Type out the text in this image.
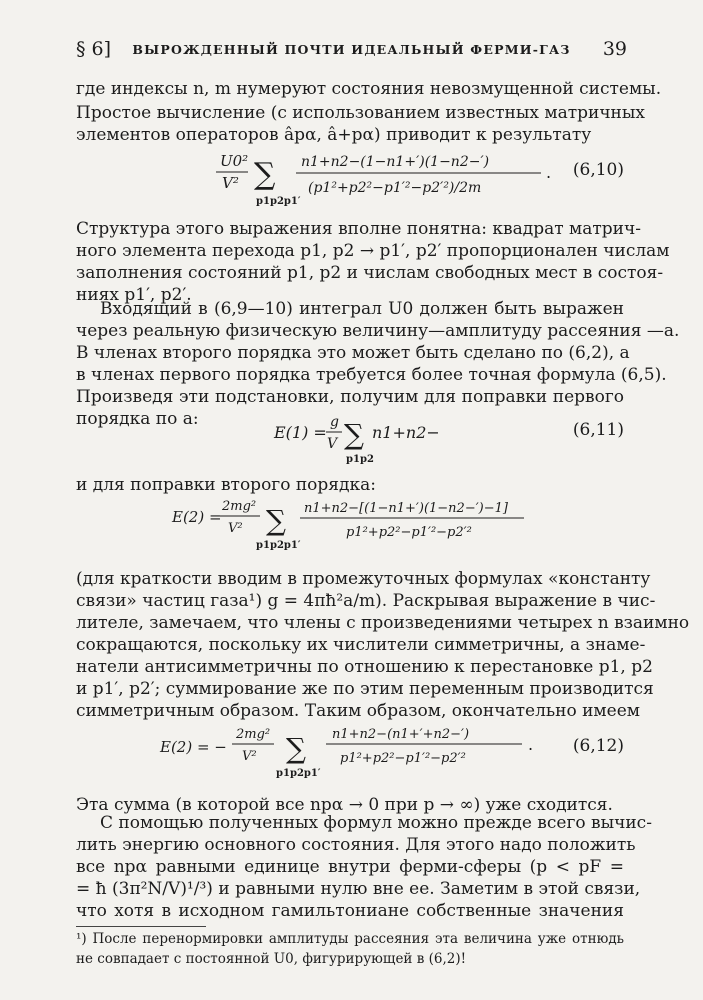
§ 6]	ВЫРОЖДЕННЫЙ ПОЧТИ ИДЕАЛЬНЫЙ ФЕРМИ-ГАЗ	39
где индексы n, m нумеруют состояния невозмущенной системы.
Простое вычисление (с использованием известных матричных
элементов операторов âpα, â+pα) приводит к результату
U0²
V² ∑
p1p2p1′
n1+n2−(1−n1+′)(1−n2−′)
(p1²+p2²−p1′²−p2′²)/2m
. (6,10)
Структура этого выражения вполне понятна: квадрат матрич-
ного элемента перехода p1, p2 → p1′, p2′ пропорционален числам
заполнения состояний p1, p2 и числам свободных мест в состоя-
ниях p1′, p2′.
Входящий в (6,9—10) интеграл U0 должен быть выражен
через реальную физическую величину—амплитуду рассеяния —a.
В членах второго порядка это может быть сделано по (6,2), а
в членах первого порядка требуется более точная формула (6,5).
Произведя эти подстановки, получим для поправки первого
порядка по a:
E(1) =
g
V ∑
p1p2
n1+n2−	(6,11)
и для поправки второго порядка:
E(2) =
2mg²
V² ∑
p1p2p1′
n1+n2−[(1−n1+′)(1−n2−′)−1]
p1²+p2²−p1′²−p2′²
(для краткости вводим в промежуточных формулах «константу
связи» частиц газа¹) g = 4πħ²a/m). Раскрывая выражение в чис-
лителе, замечаем, что члены с произведениями четырех n взаимно
сокращаются, поскольку их числители симметричны, а знаме-
натели антисимметричны по отношению к перестановке p1, p2
и p1′, p2′; суммирование же по этим переменным производится
симметричным образом. Таким образом, окончательно имеем
E(2) = −
2mg²
V² ∑
p1p2p1′
n1+n2−(n1+′+n2−′)
p1²+p2²−p1′²−p2′²
. (6,12)
Эта сумма (в которой все npα → 0 при p → ∞) уже сходится.
С помощью полученных формул можно прежде всего вычис-
лить энергию основного состояния. Для этого надо положить
все npα равными единице внутри ферми-сферы (p < pF =
¹) После перенормировки амплитуды рассеяния эта величина уже отнюдь
не совпадает с постоянной U0, фигурирующей в (6,2)!
= ħ (3π²N/V)¹/³) и равными нулю вне ее. Заметим в этой связи,
что хотя в исходном гамильтониане собственные значения
